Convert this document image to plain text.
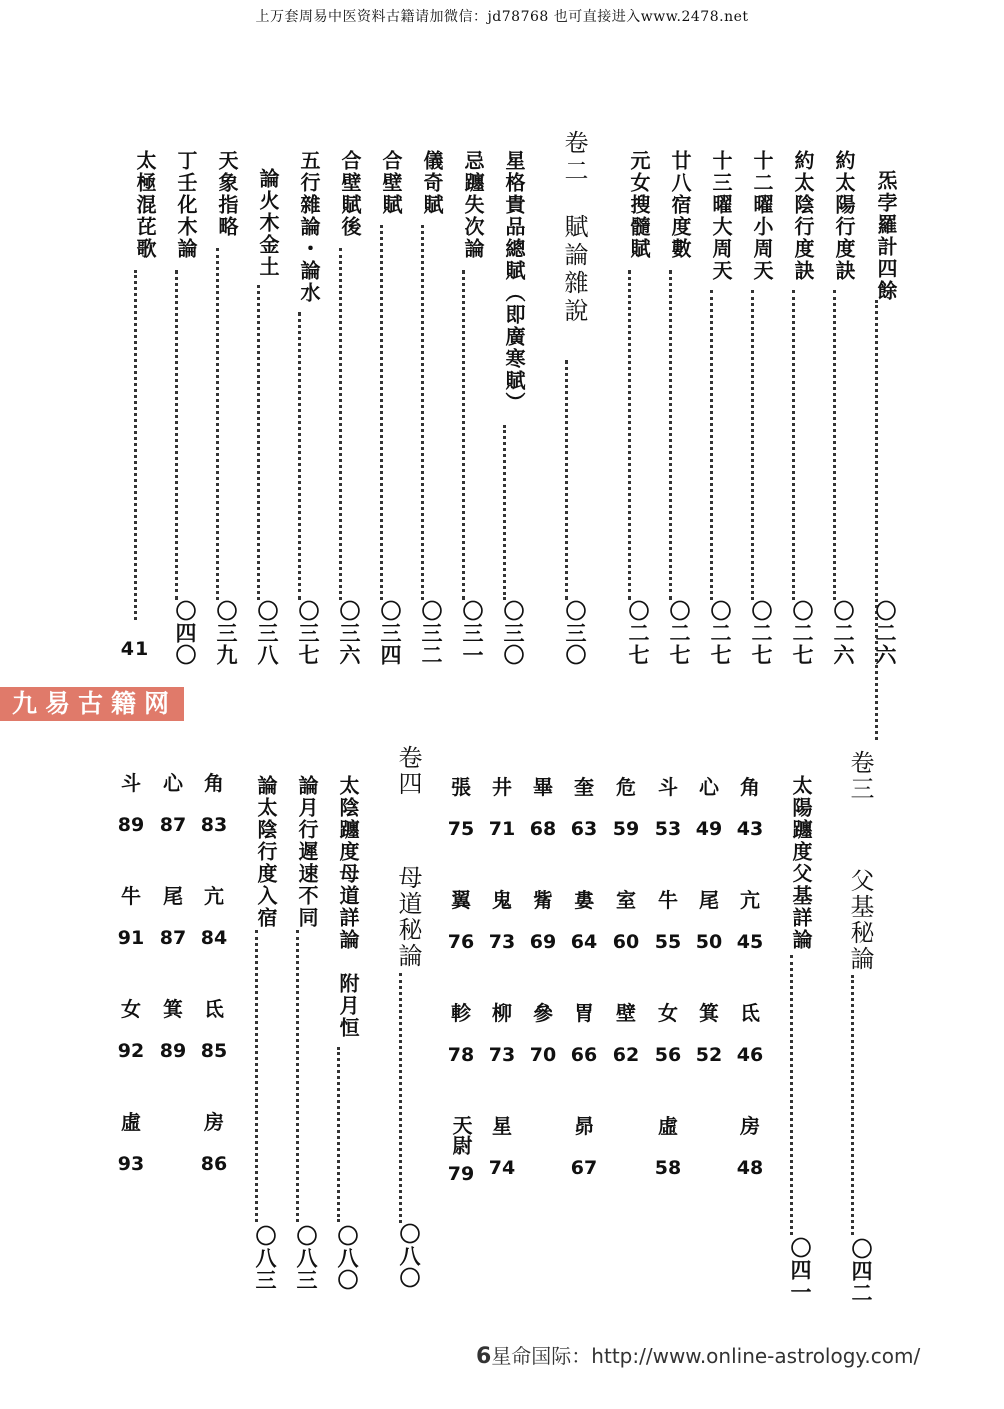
上万套周易中医资料古籍请加微信：jd78768 也可直接进入www.2478.net
炁孛羅計四餘
〇二六
約太陽行度訣
〇二六
約太陰行度訣
〇二七
十二曜小周天
〇二七
十三曜大周天
〇二七
廿八宿度數
〇二七
元女搜髓賦
〇二七
卷二　賦論雜說
〇三〇
星格貴品總賦（即廣寒賦）
〇三〇
忌躔失次論
〇三一
儀奇賦
〇三二
合壁賦
〇三四
合壁賦後
〇三六
五行雜論・論水
〇三七
論火木金土
〇三八
天象指略
〇三九
丁壬化木論
〇四〇
太極混芘歌
41
九易古籍网
卷三
父基秘論
〇四二
太陽躔度父基詳論
〇四一
角
43
亢
45
氐
46
房
48
心
49
尾
50
箕
52
斗
53
牛
55
女
56
虛
58
危
59
室
60
壁
62
奎
63
婁
64
胃
66
昴
67
畢
68
觜
69
參
70
井
71
鬼
73
柳
73
星
74
張
75
翼
76
軫
78
天尉
79
卷四
母道秘論
〇八〇
太陰躔度母道詳論　附月恒
〇八〇
論月行遲速不同
〇八三
論太陰行度入宿
〇八三
角
83
亢
84
氐
85
房
86
心
87
尾
87
箕
89
斗
89
牛
91
女
92
虛
93
6星命国际：http://www.online-astrology.com/
